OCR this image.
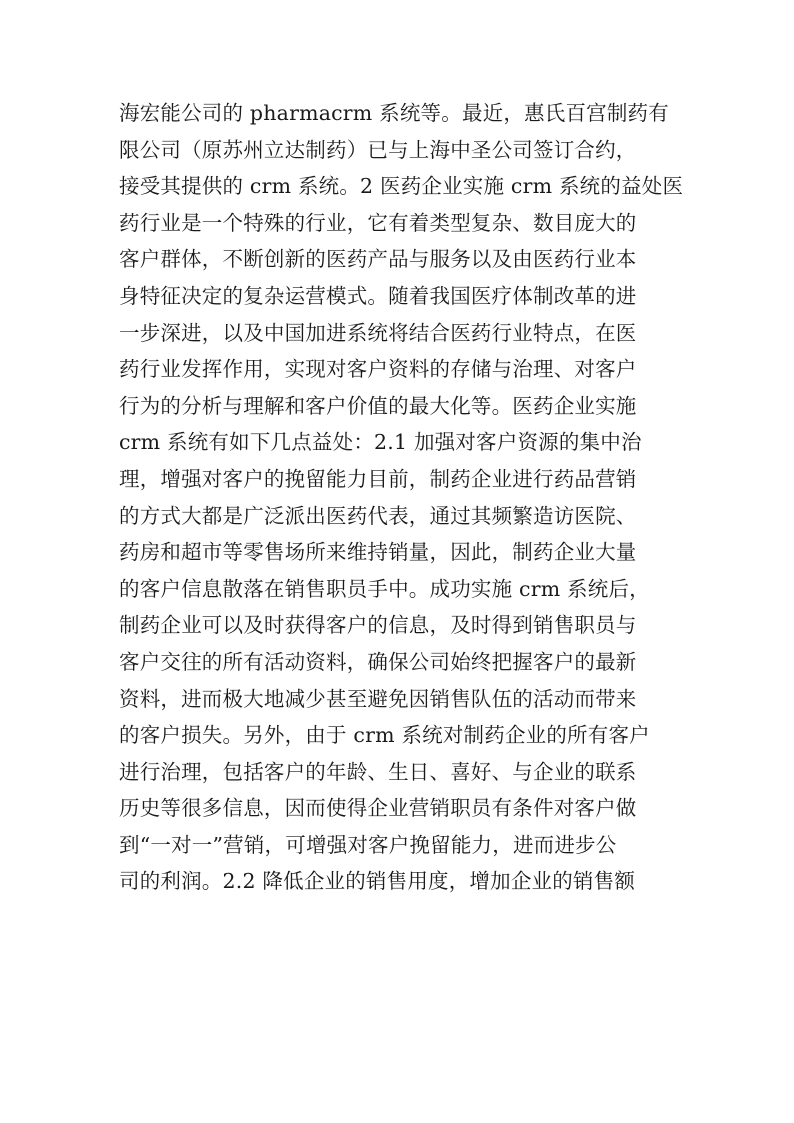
海宏能公司的 pharmacrm 系统等。最近，惠氏百宫制药有
限公司（原苏州立达制药）已与上海中圣公司签订合约，
接受其提供的 crm 系统。2 医药企业实施 crm 系统的益处医
药行业是一个特殊的行业，它有着类型复杂、数目庞大的
客户群体，不断创新的医药产品与服务以及由医药行业本
身特征决定的复杂运营模式。随着我国医疗体制改革的进
一步深进，以及中国加进系统将结合医药行业特点，在医
药行业发挥作用，实现对客户资料的存储与治理、对客户
行为的分析与理解和客户价值的最大化等。医药企业实施
crm 系统有如下几点益处：2.1 加强对客户资源的集中治
理，增强对客户的挽留能力目前，制药企业进行药品营销
的方式大都是广泛派出医药代表，通过其频繁造访医院、
药房和超市等零售场所来维持销量，因此，制药企业大量
的客户信息散落在销售职员手中。成功实施 crm 系统后，
制药企业可以及时获得客户的信息，及时得到销售职员与
客户交往的所有活动资料，确保公司始终把握客户的最新
资料，进而极大地减少甚至避免因销售队伍的活动而带来
的客户损失。另外，由于 crm 系统对制药企业的所有客户
进行治理，包括客户的年龄、生日、喜好、与企业的联系
历史等很多信息，因而使得企业营销职员有条件对客户做
到“一对一”营销，可增强对客户挽留能力，进而进步公
司的利润。2.2 降低企业的销售用度，增加企业的销售额
